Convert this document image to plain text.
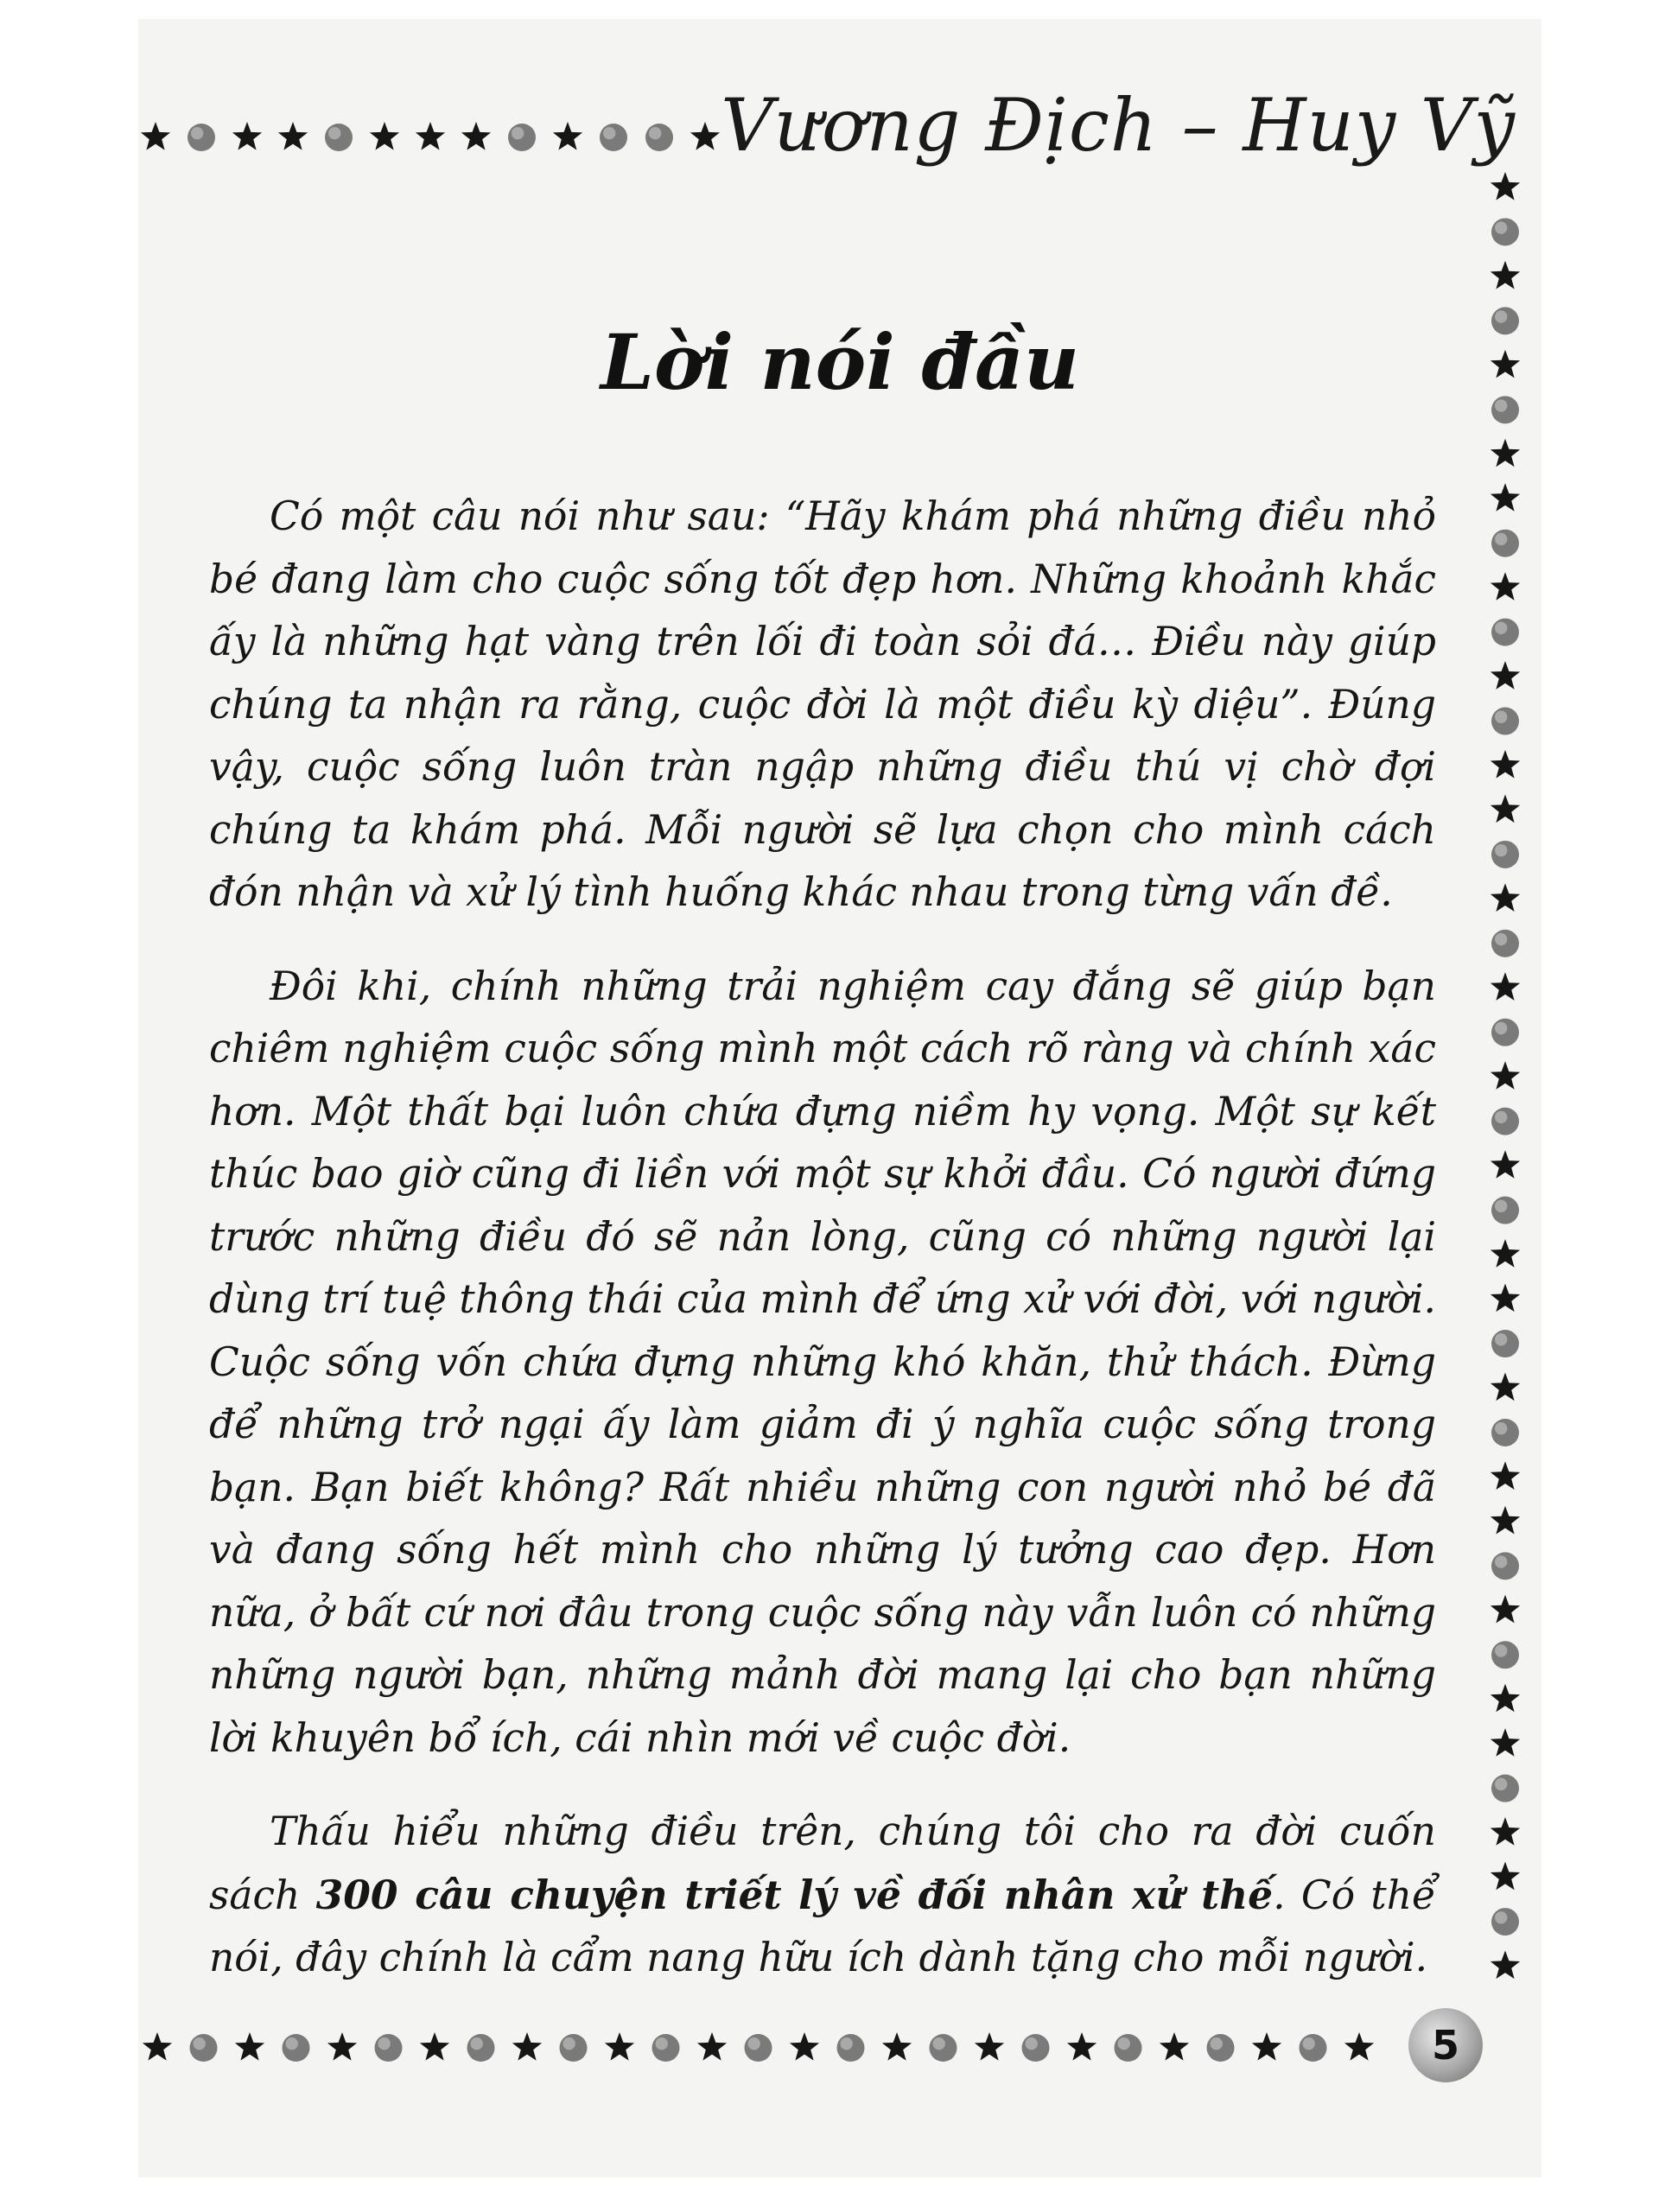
Vương Địch – Huy Vỹ
Lời nói đầu

Có một câu nói như sau: “Hãy khám phá những điều nhỏ bé đang làm cho cuộc sống tốt đẹp hơn. Những khoảnh khắc ấy là những hạt vàng trên lối đi toàn sỏi đá… Điều này giúp chúng ta nhận ra rằng, cuộc đời là một điều kỳ diệu”. Đúng vậy, cuộc sống luôn tràn ngập những điều thú vị chờ đợi chúng ta khám phá. Mỗi người sẽ lựa chọn cho mình cách đón nhận và xử lý tình huống khác nhau trong từng vấn đề.

Đôi khi, chính những trải nghiệm cay đắng sẽ giúp bạn chiêm nghiệm cuộc sống mình một cách rõ ràng và chính xác hơn. Một thất bại luôn chứa đựng niềm hy vọng. Một sự kết thúc bao giờ cũng đi liền với một sự khởi đầu. Có người đứng trước những điều đó sẽ nản lòng, cũng có những người lại dùng trí tuệ thông thái của mình để ứng xử với đời, với người. Cuộc sống vốn chứa đựng những khó khăn, thử thách. Đừng để những trở ngại ấy làm giảm đi ý nghĩa cuộc sống trong bạn. Bạn biết không? Rất nhiều những con người nhỏ bé đã và đang sống hết mình cho những lý tưởng cao đẹp. Hơn nữa, ở bất cứ nơi đâu trong cuộc sống này vẫn luôn có những những người bạn, những mảnh đời mang lại cho bạn những lời khuyên bổ ích, cái nhìn mới về cuộc đời.

Thấu hiểu những điều trên, chúng tôi cho ra đời cuốn sách 300 câu chuyện triết lý về đối nhân xử thế. Có thể nói, đây chính là cẩm nang hữu ích dành tặng cho mỗi người.

5
